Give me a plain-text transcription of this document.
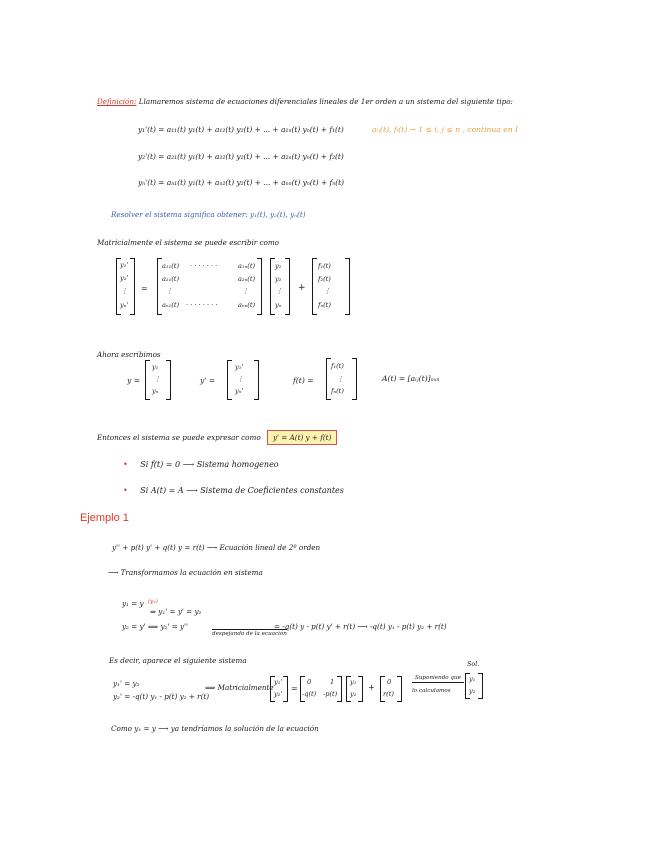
Definición: Llamaremos sistema de ecuaciones diferenciales lineales de 1er orden a un sistema del siguiente tipo:
y₁'(t) = a₁₁(t) y₁(t) + a₁₂(t) y₂(t) + ... + a₁ₙ(t) yₙ(t) + f₁(t)	aᵢⱼ(t), fᵢ(t) → 1 ≤ i, j ≤ n , continua en I
y₂'(t) = a₂₁(t) y₁(t) + a₂₂(t) y₂(t) + ... + a₂ₙ(t) yₙ(t) + f₂(t)
yₙ'(t) = aₙ₁(t) y₁(t) + aₙ₂(t) y₂(t) + ... + aₙₙ(t) yₙ(t) + fₙ(t)
Resolver el sistema significa obtener: y₁(t), y₂(t), yₙ(t)
Matricialmente el sistema se puede escribir como
y₁'
y₂'
⋮
yₙ'
=
a₁₁(t) · · · · · · ·	a₁ₙ(t)
a₂₁(t)	a₂ₙ(t)
⋮	⋮
aₙ₁(t) · · · · · · · ·	aₙₙ(t)
y₁
y₂
⋮
yₙ
+
f₁(t)
f₂(t)
⋮
fₙ(t)
Ahora escribimos
y =
y₁
⋮
yₙ
y' =
y₁'
⋮
yₙ'
f(t) =
f₁(t)
⋮
fₙ(t)
A(t) = [aᵢⱼ(t)]ₙₓₙ
Entonces el sistema se puede expresar como y' = A(t) y + f(t)
• Si f(t) = 0 ⟶ Sistema homogeneo
• Si A(t) = A ⟶ Sistema de Coeficientes constantes
Ejemplo 1
y'' + p(t) y' + q(t) y = r(t) ⟶ Ecuación lineal de 2º orden
⟶ Transformamos la ecuación en sistema
y₁ = y (y₂)
⇒ y₁' = y' = y₂
y₂ = y' ⟹ y₂' = y''
despejando de la ecuación
= -q(t) y - p(t) y' + r(t) ⟶ -q(t) y₁ - p(t) y₂ + r(t)
Es decir, aparece el siguiente sistema
y₁' = y₂
y₂' = -q(t) y₁ - p(t) y₂ + r(t)
⟹ Matricialmente
y₁'
y₂'
=
0	1
-q(t) -p(t)
y₁
y₂
+
0
r(t)
Suponiendo que
lo calculamos
Sol.
y₁
y₂
Como y₁ = y ⟶ ya tendríamos la solución de la ecuación
